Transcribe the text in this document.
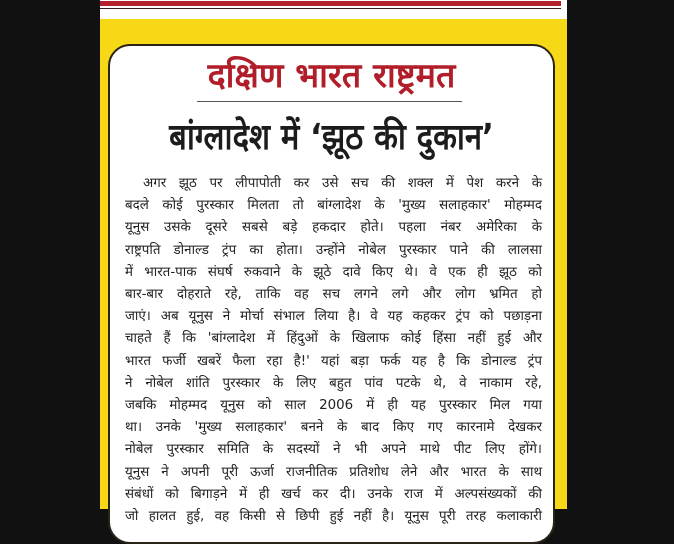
दक्षिण भारत राष्ट्रमत
बांग्लादेश में ‘झूठ की दुकान’
अगर झूठ पर लीपापोती कर उसे सच की शक्ल में पेश करने के
बदले कोई पुरस्कार मिलता तो बांग्लादेश के 'मुख्य सलाहकार' मोहम्मद
यूनुस उसके दूसरे सबसे बड़े हकदार होते। पहला नंबर अमेरिका के
राष्ट्रपति डोनाल्ड ट्रंप का होता। उन्होंने नोबेल पुरस्कार पाने की लालसा
में भारत-पाक संघर्ष रुकवाने के झूठे दावे किए थे। वे एक ही झूठ को
बार-बार दोहराते रहे, ताकि वह सच लगने लगे और लोग भ्रमित हो
जाएं। अब यूनुस ने मोर्चा संभाल लिया है। वे यह कहकर ट्रंप को पछाड़ना
चाहते हैं कि 'बांग्लादेश में हिंदुओं के खिलाफ कोई हिंसा नहीं हुई और
भारत फर्जी खबरें फैला रहा है!' यहां बड़ा फर्क यह है कि डोनाल्ड ट्रंप
ने नोबेल शांति पुरस्कार के लिए बहुत पांव पटके थे, वे नाकाम रहे,
जबकि मोहम्मद यूनुस को साल 2006 में ही यह पुरस्कार मिल गया
था। उनके 'मुख्य सलाहकार' बनने के बाद किए गए कारनामे देखकर
नोबेल पुरस्कार समिति के सदस्यों ने भी अपने माथे पीट लिए होंगे।
यूनुस ने अपनी पूरी ऊर्जा राजनीतिक प्रतिशोध लेने और भारत के साथ
संबंधों को बिगाड़ने में ही खर्च कर दी। उनके राज में अल्पसंख्यकों की
जो हालत हुई, वह किसी से छिपी हुई नहीं है। यूनुस पूरी तरह कलाकारी
